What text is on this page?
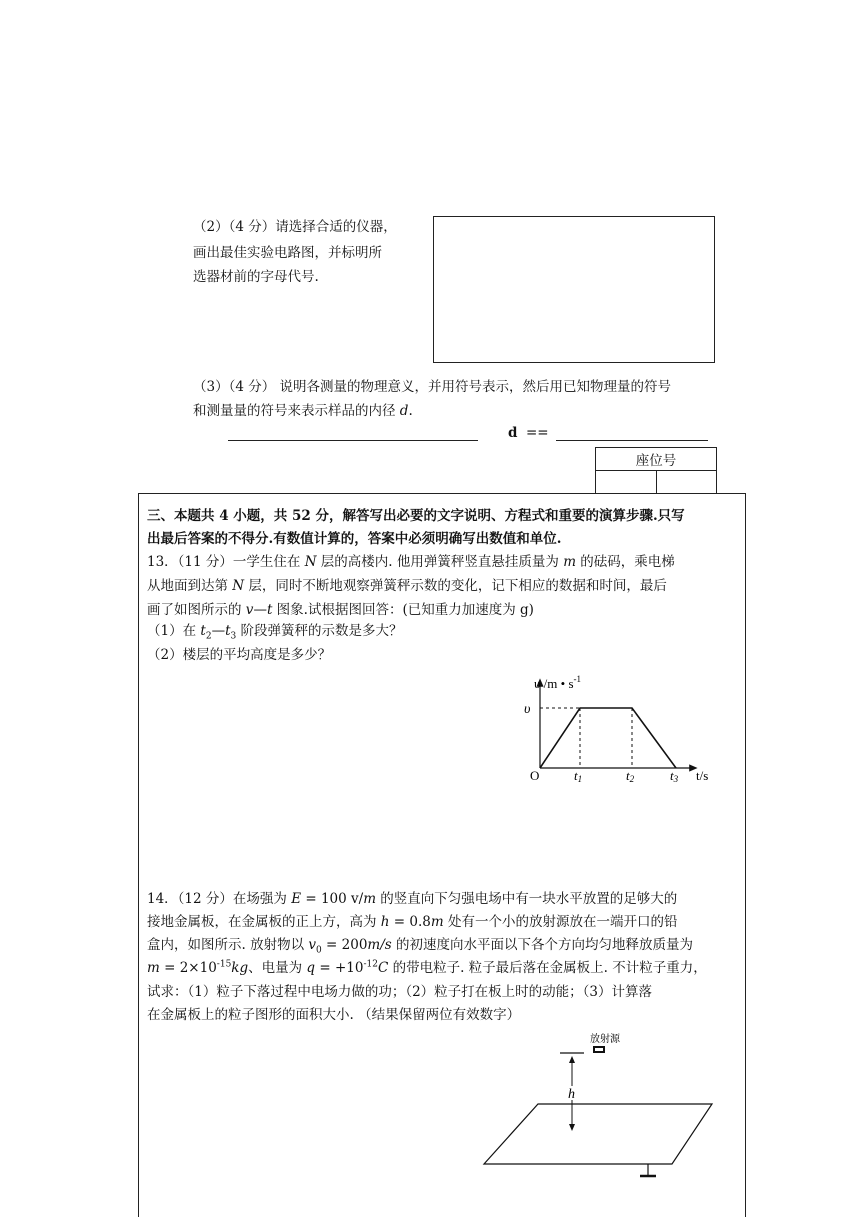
（2）（4 分）请选择合适的仪器，
画出最佳实验电路图，并标明所
选器材前的字母代号.
（3）（4 分） 说明各测量的物理意义，并用符号表示，然后用已知物理量的符号
和测量量的符号来表示样品的内径 d.
d ==
座位号

三、本题共 4 小题，共 52 分，解答写出必要的文字说明、方程式和重要的演算步骤.只写
出最后答案的不得分.有数值计算的，答案中必须明确写出数值和单位.
13．（11 分）一学生住在 N 层的高楼内. 他用弹簧秤竖直悬挂质量为 m 的砝码，乘电梯
从地面到达第 N 层，同时不断地观察弹簧秤示数的变化，记下相应的数据和时间，最后
画了如图所示的 v—t 图象.试根据图回答：(已知重力加速度为 g)
（1）在 $t_2—t_3$ 阶段弹簧秤的示数是多大？
（2）楼层的平均高度是多少？
υ /m • $s^{-1}$
υ
O	t1	t2	t3 t/s
14．（12 分）在场强为 E = 100 v/m 的竖直向下匀强电场中有一块水平放置的足够大的
接地金属板，在金属板的正上方，高为 h = 0.8m 处有一个小的放射源放在一端开口的铅
盒内，如图所示. 放射物以 $v_0 = 200m/s$ 的初速度向水平面以下各个方向均匀地释放质量为
$m = 2\times 10^{-15}kg$、电量为 $q = +10^{-12}C$ 的带电粒子. 粒子最后落在金属板上. 不计粒子重力，
试求：（1）粒子下落过程中电场力做的功；（2）粒子打在板上时的动能；（3）计算落
在金属板上的粒子图形的面积大小. （结果保留两位有效数字）
放射源
h
